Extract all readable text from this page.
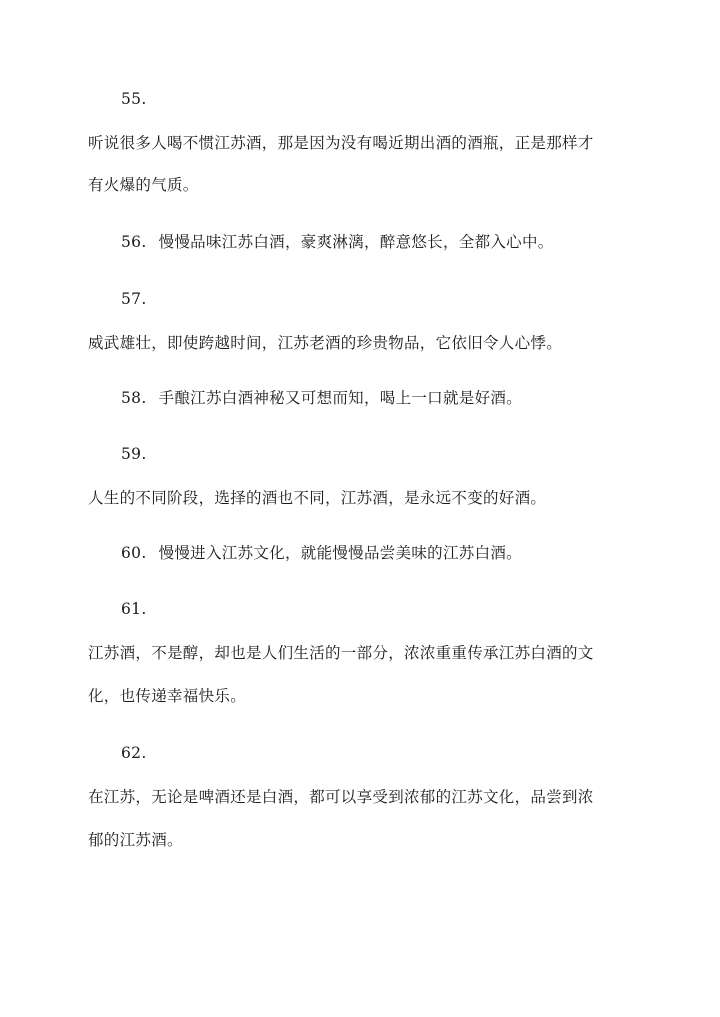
55.
听说很多人喝不惯江苏酒，那是因为没有喝近期出酒的酒瓶，正是那样才
有火爆的气质。
56. 慢慢品味江苏白酒，豪爽淋漓，醉意悠长，全都入心中。
57.
威武雄壮，即使跨越时间，江苏老酒的珍贵物品，它依旧令人心悸。
58. 手酿江苏白酒神秘又可想而知，喝上一口就是好酒。
59.
人生的不同阶段，选择的酒也不同，江苏酒，是永远不变的好酒。
60. 慢慢进入江苏文化，就能慢慢品尝美味的江苏白酒。
61.
江苏酒，不是醇，却也是人们生活的一部分，浓浓重重传承江苏白酒的文
化，也传递幸福快乐。
62.
在江苏，无论是啤酒还是白酒，都可以享受到浓郁的江苏文化，品尝到浓
郁的江苏酒。
